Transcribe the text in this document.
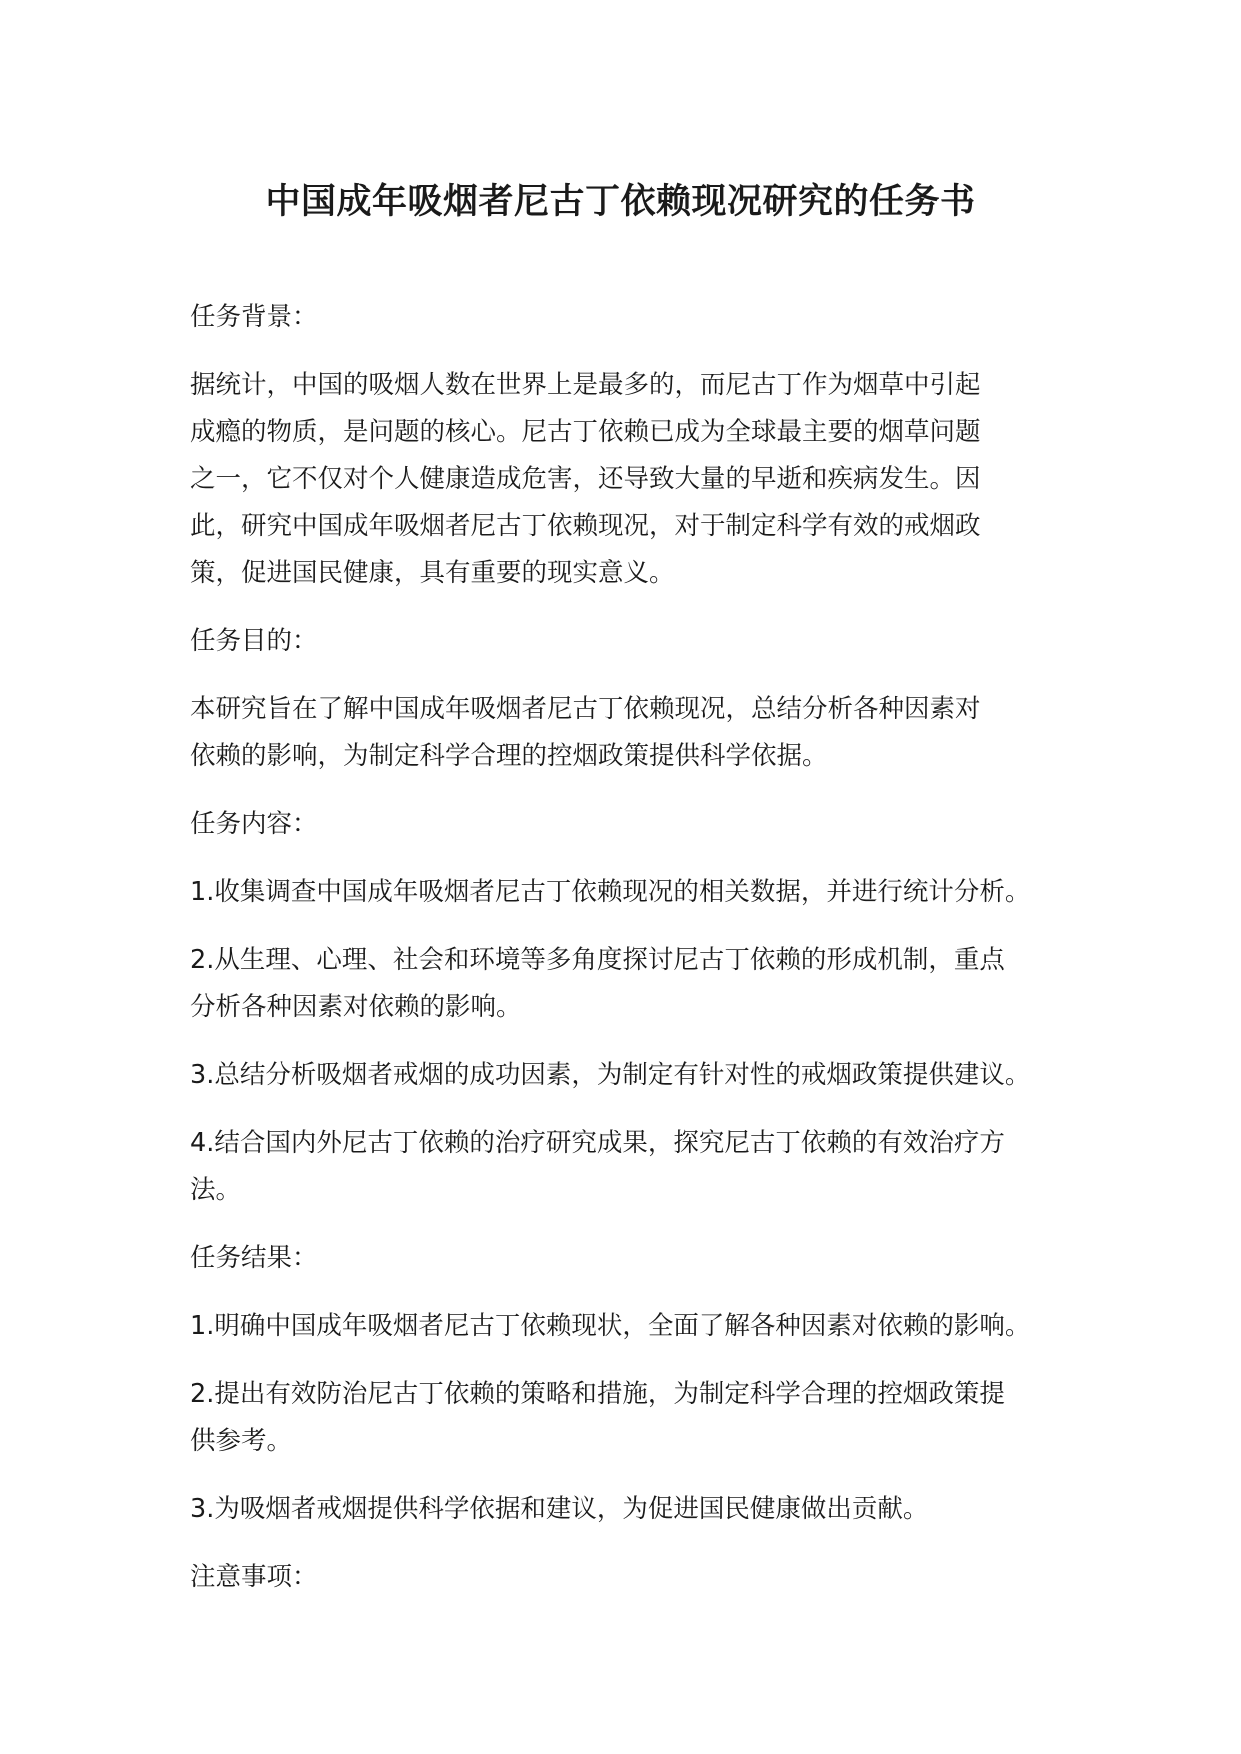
中国成年吸烟者尼古丁依赖现况研究的任务书

任务背景：

据统计，中国的吸烟人数在世界上是最多的，而尼古丁作为烟草中引起
成瘾的物质，是问题的核心。尼古丁依赖已成为全球最主要的烟草问题
之一，它不仅对个人健康造成危害，还导致大量的早逝和疾病发生。因
此，研究中国成年吸烟者尼古丁依赖现况，对于制定科学有效的戒烟政
策，促进国民健康，具有重要的现实意义。

任务目的：

本研究旨在了解中国成年吸烟者尼古丁依赖现况，总结分析各种因素对
依赖的影响，为制定科学合理的控烟政策提供科学依据。

任务内容：

1.收集调查中国成年吸烟者尼古丁依赖现况的相关数据，并进行统计分析。

2.从生理、心理、社会和环境等多角度探讨尼古丁依赖的形成机制，重点
分析各种因素对依赖的影响。

3.总结分析吸烟者戒烟的成功因素，为制定有针对性的戒烟政策提供建议。

4.结合国内外尼古丁依赖的治疗研究成果，探究尼古丁依赖的有效治疗方
法。

任务结果：

1.明确中国成年吸烟者尼古丁依赖现状，全面了解各种因素对依赖的影响。

2.提出有效防治尼古丁依赖的策略和措施，为制定科学合理的控烟政策提
供参考。

3.为吸烟者戒烟提供科学依据和建议，为促进国民健康做出贡献。

注意事项：
